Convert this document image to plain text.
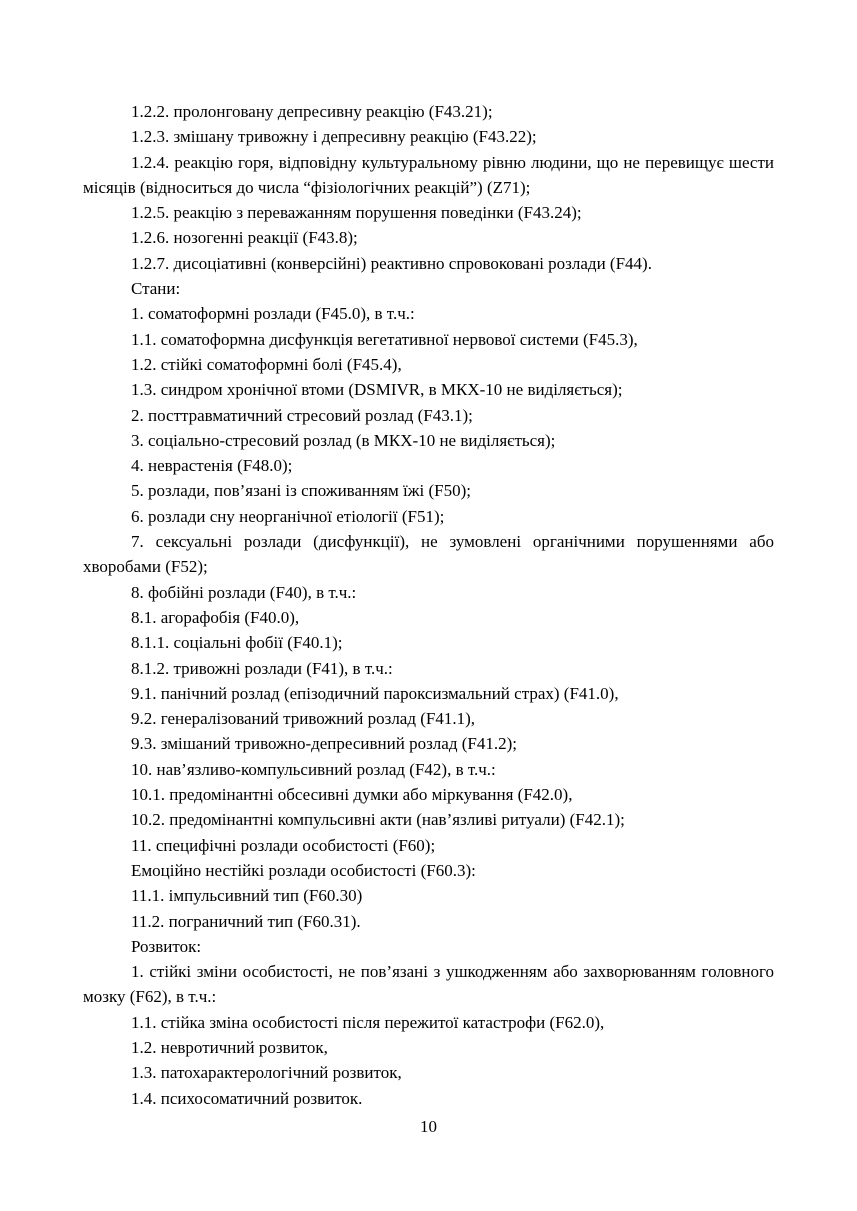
1.2.2. пролонговану депресивну реакцію (F43.21);

1.2.3. змішану тривожну і депресивну реакцію (F43.22);

1.2.4. реакцію горя, відповідну культуральному рівню людини, що не перевищує шести місяців (відноситься до числа “фізіологічних реакцій”) (Z71);

1.2.5. реакцію з переважанням порушення поведінки (F43.24);

1.2.6. нозогенні реакції (F43.8);

1.2.7. дисоціативні (конверсійні) реактивно спровоковані розлади (F44).

Стани:

1. соматоформні розлади (F45.0), в т.ч.:

1.1. соматоформна дисфункція вегетативної нервової системи (F45.3),

1.2. стійкі соматоформні болі (F45.4),

1.3. синдром хронічної втоми (DSMIVR, в МКХ-10 не виділяється);

2. посттравматичний стресовий розлад (F43.1);

3. соціально-стресовий розлад (в МКХ-10 не виділяється);

4. неврастенія (F48.0);

5. розлади, пов’язані із споживанням їжі (F50);

6. розлади сну неорганічної етіології (F51);

7. сексуальні розлади (дисфункції), не зумовлені органічними порушеннями або хворобами (F52);

8. фобійні розлади (F40), в т.ч.:

8.1. агорафобія (F40.0),

8.1.1. соціальні фобії (F40.1);

8.1.2. тривожні розлади (F41), в т.ч.:

9.1. панічний розлад (епізодичний пароксизмальний страх) (F41.0),

9.2. генералізований тривожний розлад (F41.1),

9.3. змішаний тривожно-депресивний розлад (F41.2);

10. нав’язливо-компульсивний розлад (F42), в т.ч.:

10.1. предомінантні обсесивні думки або міркування (F42.0),

10.2. предомінантні компульсивні акти (нав’язливі ритуали) (F42.1);

11. специфічні розлади особистості (F60);

Емоційно нестійкі розлади особистості (F60.3):

11.1. імпульсивний тип (F60.30)

11.2. пограничний тип (F60.31).

Розвиток:

1. стійкі зміни особистості, не пов’язані з ушкодженням або захворюванням головного мозку (F62), в т.ч.:

1.1. стійка зміна особистості після пережитої катастрофи (F62.0),

1.2. невротичний розвиток,

1.3. патохарактерологічний розвиток,

1.4. психосоматичний розвиток.

10
